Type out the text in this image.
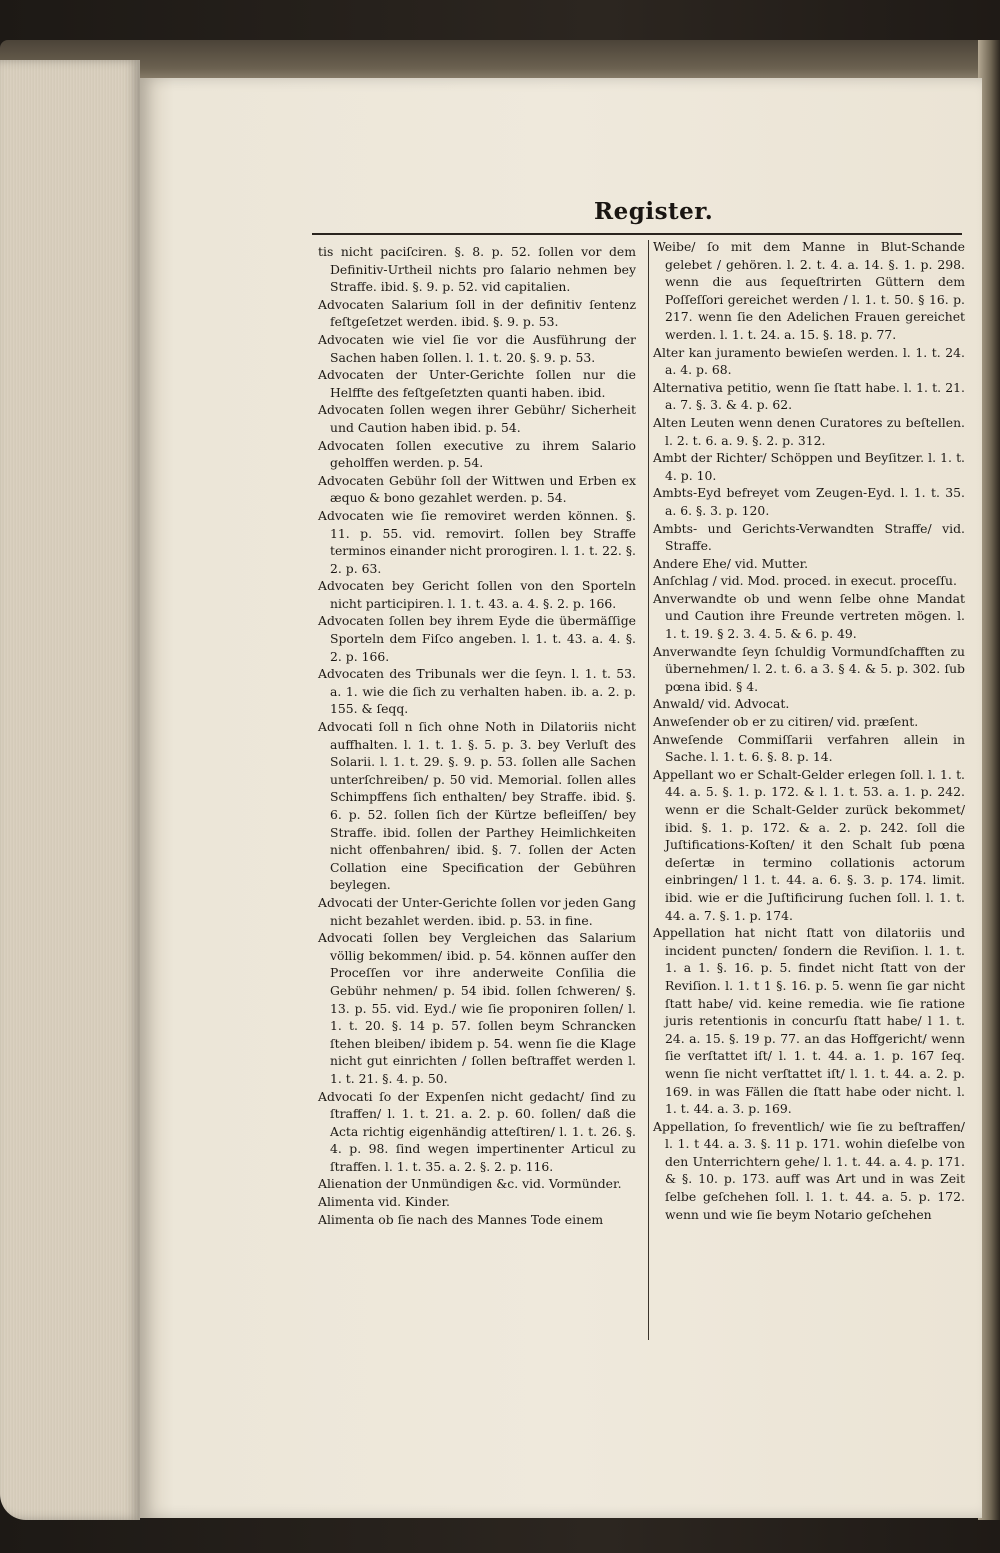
Register.

tis nicht paciſciren. §. 8. p. 52. ſollen vor dem Definitiv-Urtheil nichts pro ſalario nehmen bey Straffe. ibid. §. 9. p. 52. vid capitalien.

Advocaten Salarium ſoll in der definitiv ſentenz feſtgeſetzet werden. ibid. §. 9. p. 53.

Advocaten wie viel ſie vor die Ausführung der Sachen haben ſollen. l. 1. t. 20. §. 9. p. 53.

Advocaten der Unter-Gerichte ſollen nur die Helffte des feſtgeſetzten quanti haben. ibid.

Advocaten ſollen wegen ihrer Gebühr/ Sicherheit und Caution haben ibid. p. 54.

Advocaten ſollen executive zu ihrem Salario geholffen werden. p. 54.

Advocaten Gebühr ſoll der Wittwen und Erben ex æquo & bono gezahlet werden. p. 54.

Advocaten wie ſie removiret werden können. §. 11. p. 55. vid. removirt. ſollen bey Straffe terminos einander nicht prorogiren. l. 1. t. 22. §. 2. p. 63.

Advocaten bey Gericht ſollen von den Sporteln nicht participiren. l. 1. t. 43. a. 4. §. 2. p. 166.

Advocaten ſollen bey ihrem Eyde die übermäſſige Sporteln dem Fiſco angeben. l. 1. t. 43. a. 4. §. 2. p. 166.

Advocaten des Tribunals wer die ſeyn. l. 1. t. 53. a. 1. wie die ſich zu verhalten haben. ib. a. 2. p. 155. & ſeqq.

Advocati ſoll n ſich ohne Noth in Dilatoriis nicht auffhalten. l. 1. t. 1. §. 5. p. 3. bey Verluſt des Solarii. l. 1. t. 29. §. 9. p. 53. ſollen alle Sachen unterſchreiben/ p. 50 vid. Memorial. ſollen alles Schimpffens ſich enthalten/ bey Straffe. ibid. §. 6. p. 52. ſollen ſich der Kürtze befleiſſen/ bey Straffe. ibid. ſollen der Parthey Heimlichkeiten nicht offenbahren/ ibid. §. 7. ſollen der Acten Collation eine Specification der Gebühren beylegen.

Advocati der Unter-Gerichte ſollen vor jeden Gang nicht bezahlet werden. ibid. p. 53. in fine.

Advocati ſollen bey Vergleichen das Salarium völlig bekommen/ ibid. p. 54. können auſſer den Proceſſen vor ihre anderweite Conſilia die Gebühr nehmen/ p. 54 ibid. ſollen ſchweren/ §. 13. p. 55. vid. Eyd./ wie ſie proponiren ſollen/ l. 1. t. 20. §. 14 p. 57. ſollen beym Schrancken ſtehen bleiben/ ibidem p. 54. wenn ſie die Klage nicht gut einrichten / ſollen beſtraffet werden l. 1. t. 21. §. 4. p. 50.

Advocati ſo der Expenſen nicht gedacht/ ſind zu ſtraffen/ l. 1. t. 21. a. 2. p. 60. ſollen/ daß die Acta richtig eigenhändig atteſtiren/ l. 1. t. 26. §. 4. p. 98. ſind wegen impertinenter Articul zu ſtraffen. l. 1. t. 35. a. 2. §. 2. p. 116.

Alienation der Unmündigen &c. vid. Vormünder.

Alimenta vid. Kinder.

Alimenta ob ſie nach des Mannes Tode einem

Weibe/ ſo mit dem Manne in Blut-Schande gelebet / gehören. l. 2. t. 4. a. 14. §. 1. p. 298. wenn die aus ſequeſtrirten Güttern dem Poſſeſſori gereichet werden / l. 1. t. 50. § 16. p. 217. wenn ſie den Adelichen Frauen gereichet werden. l. 1. t. 24. a. 15. §. 18. p. 77.

Alter kan juramento bewieſen werden. l. 1. t. 24. a. 4. p. 68.

Alternativa petitio, wenn ſie ſtatt habe. l. 1. t. 21. a. 7. §. 3. & 4. p. 62.

Alten Leuten wenn denen Curatores zu beſtellen. l. 2. t. 6. a. 9. §. 2. p. 312.

Ambt der Richter/ Schöppen und Beyſitzer. l. 1. t. 4. p. 10.

Ambts-Eyd befreyet vom Zeugen-Eyd. l. 1. t. 35. a. 6. §. 3. p. 120.

Ambts- und Gerichts-Verwandten Straffe/ vid. Straffe.

Andere Ehe/ vid. Mutter.

Anſchlag / vid. Mod. proced. in execut. proceſſu.

Anverwandte ob und wenn ſelbe ohne Mandat und Caution ihre Freunde vertreten mögen. l. 1. t. 19. § 2. 3. 4. 5. & 6. p. 49.

Anverwandte ſeyn ſchuldig Vormundſchafften zu übernehmen/ l. 2. t. 6. a 3. § 4. & 5. p. 302. ſub pœna ibid. § 4.

Anwald/ vid. Advocat.

Anweſender ob er zu citiren/ vid. præſent.

Anweſende Commiſſarii verfahren allein in Sache. l. 1. t. 6. §. 8. p. 14.

Appellant wo er Schalt-Gelder erlegen ſoll. l. 1. t. 44. a. 5. §. 1. p. 172. & l. 1. t. 53. a. 1. p. 242. wenn er die Schalt-Gelder zurück bekommet/ ibid. §. 1. p. 172. & a. 2. p. 242. ſoll die Juſtifications-Koſten/ it den Schalt ſub pœna deſertæ in termino collationis actorum einbringen/ l 1. t. 44. a. 6. §. 3. p. 174. limit. ibid. wie er die Juſtificirung ſuchen ſoll. l. 1. t. 44. a. 7. §. 1. p. 174.

Appellation hat nicht ſtatt von dilatoriis und incident puncten/ ſondern die Reviſion. l. 1. t. 1. a 1. §. 16. p. 5. findet nicht ſtatt von der Reviſion. l. 1. t 1 §. 16. p. 5. wenn ſie gar nicht ſtatt habe/ vid. keine remedia. wie ſie ratione juris retentionis in concurſu ſtatt habe/ l 1. t. 24. a. 15. §. 19 p. 77. an das Hoffgericht/ wenn ſie verſtattet iſt/ l. 1. t. 44. a. 1. p. 167 ſeq. wenn ſie nicht verſtattet iſt/ l. 1. t. 44. a. 2. p. 169. in was Fällen die ſtatt habe oder nicht. l. 1. t. 44. a. 3. p. 169.

Appellation, ſo freventlich/ wie ſie zu beſtraffen/ l. 1. t 44. a. 3. §. 11 p. 171. wohin dieſelbe von den Unterrichtern gehe/ l. 1. t. 44. a. 4. p. 171. & §. 10. p. 173. auff was Art und in was Zeit ſelbe geſchehen ſoll. l. 1. t. 44. a. 5. p. 172. wenn und wie ſie beym Notario geſchehen
